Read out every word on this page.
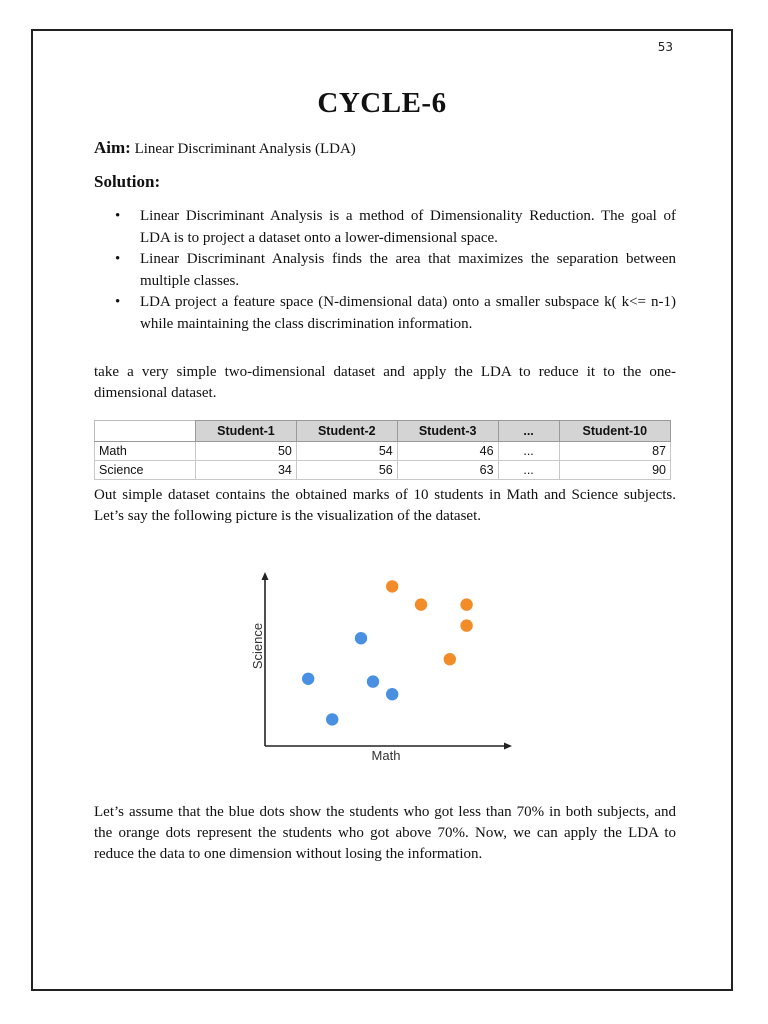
53
CYCLE-6
Aim: Linear Discriminant Analysis (LDA)
Solution:
• Linear Discriminant Analysis is a method of Dimensionality Reduction. The goal of LDA is to project a dataset onto a lower-dimensional space.
• Linear Discriminant Analysis finds the area that maximizes the separation between multiple classes.
• LDA project a feature space (N-dimensional data) onto a smaller subspace k( k<= n-1) while maintaining the class discrimination information.
take a very simple two-dimensional dataset and apply the LDA to reduce it to the one-dimensional dataset.
	Student-1	Student-2	Student-3	...	Student-10
Math	50	54	46	...	87
Science	34	56	63	...	90
Out simple dataset contains the obtained marks of 10 students in Math and Science subjects. Let’s say the following picture is the visualization of the dataset.
Let’s assume that the blue dots show the students who got less than 70% in both subjects, and the orange dots represent the students who got above 70%. Now, we can apply the LDA to reduce the data to one dimension without losing the information.
Math
Science
